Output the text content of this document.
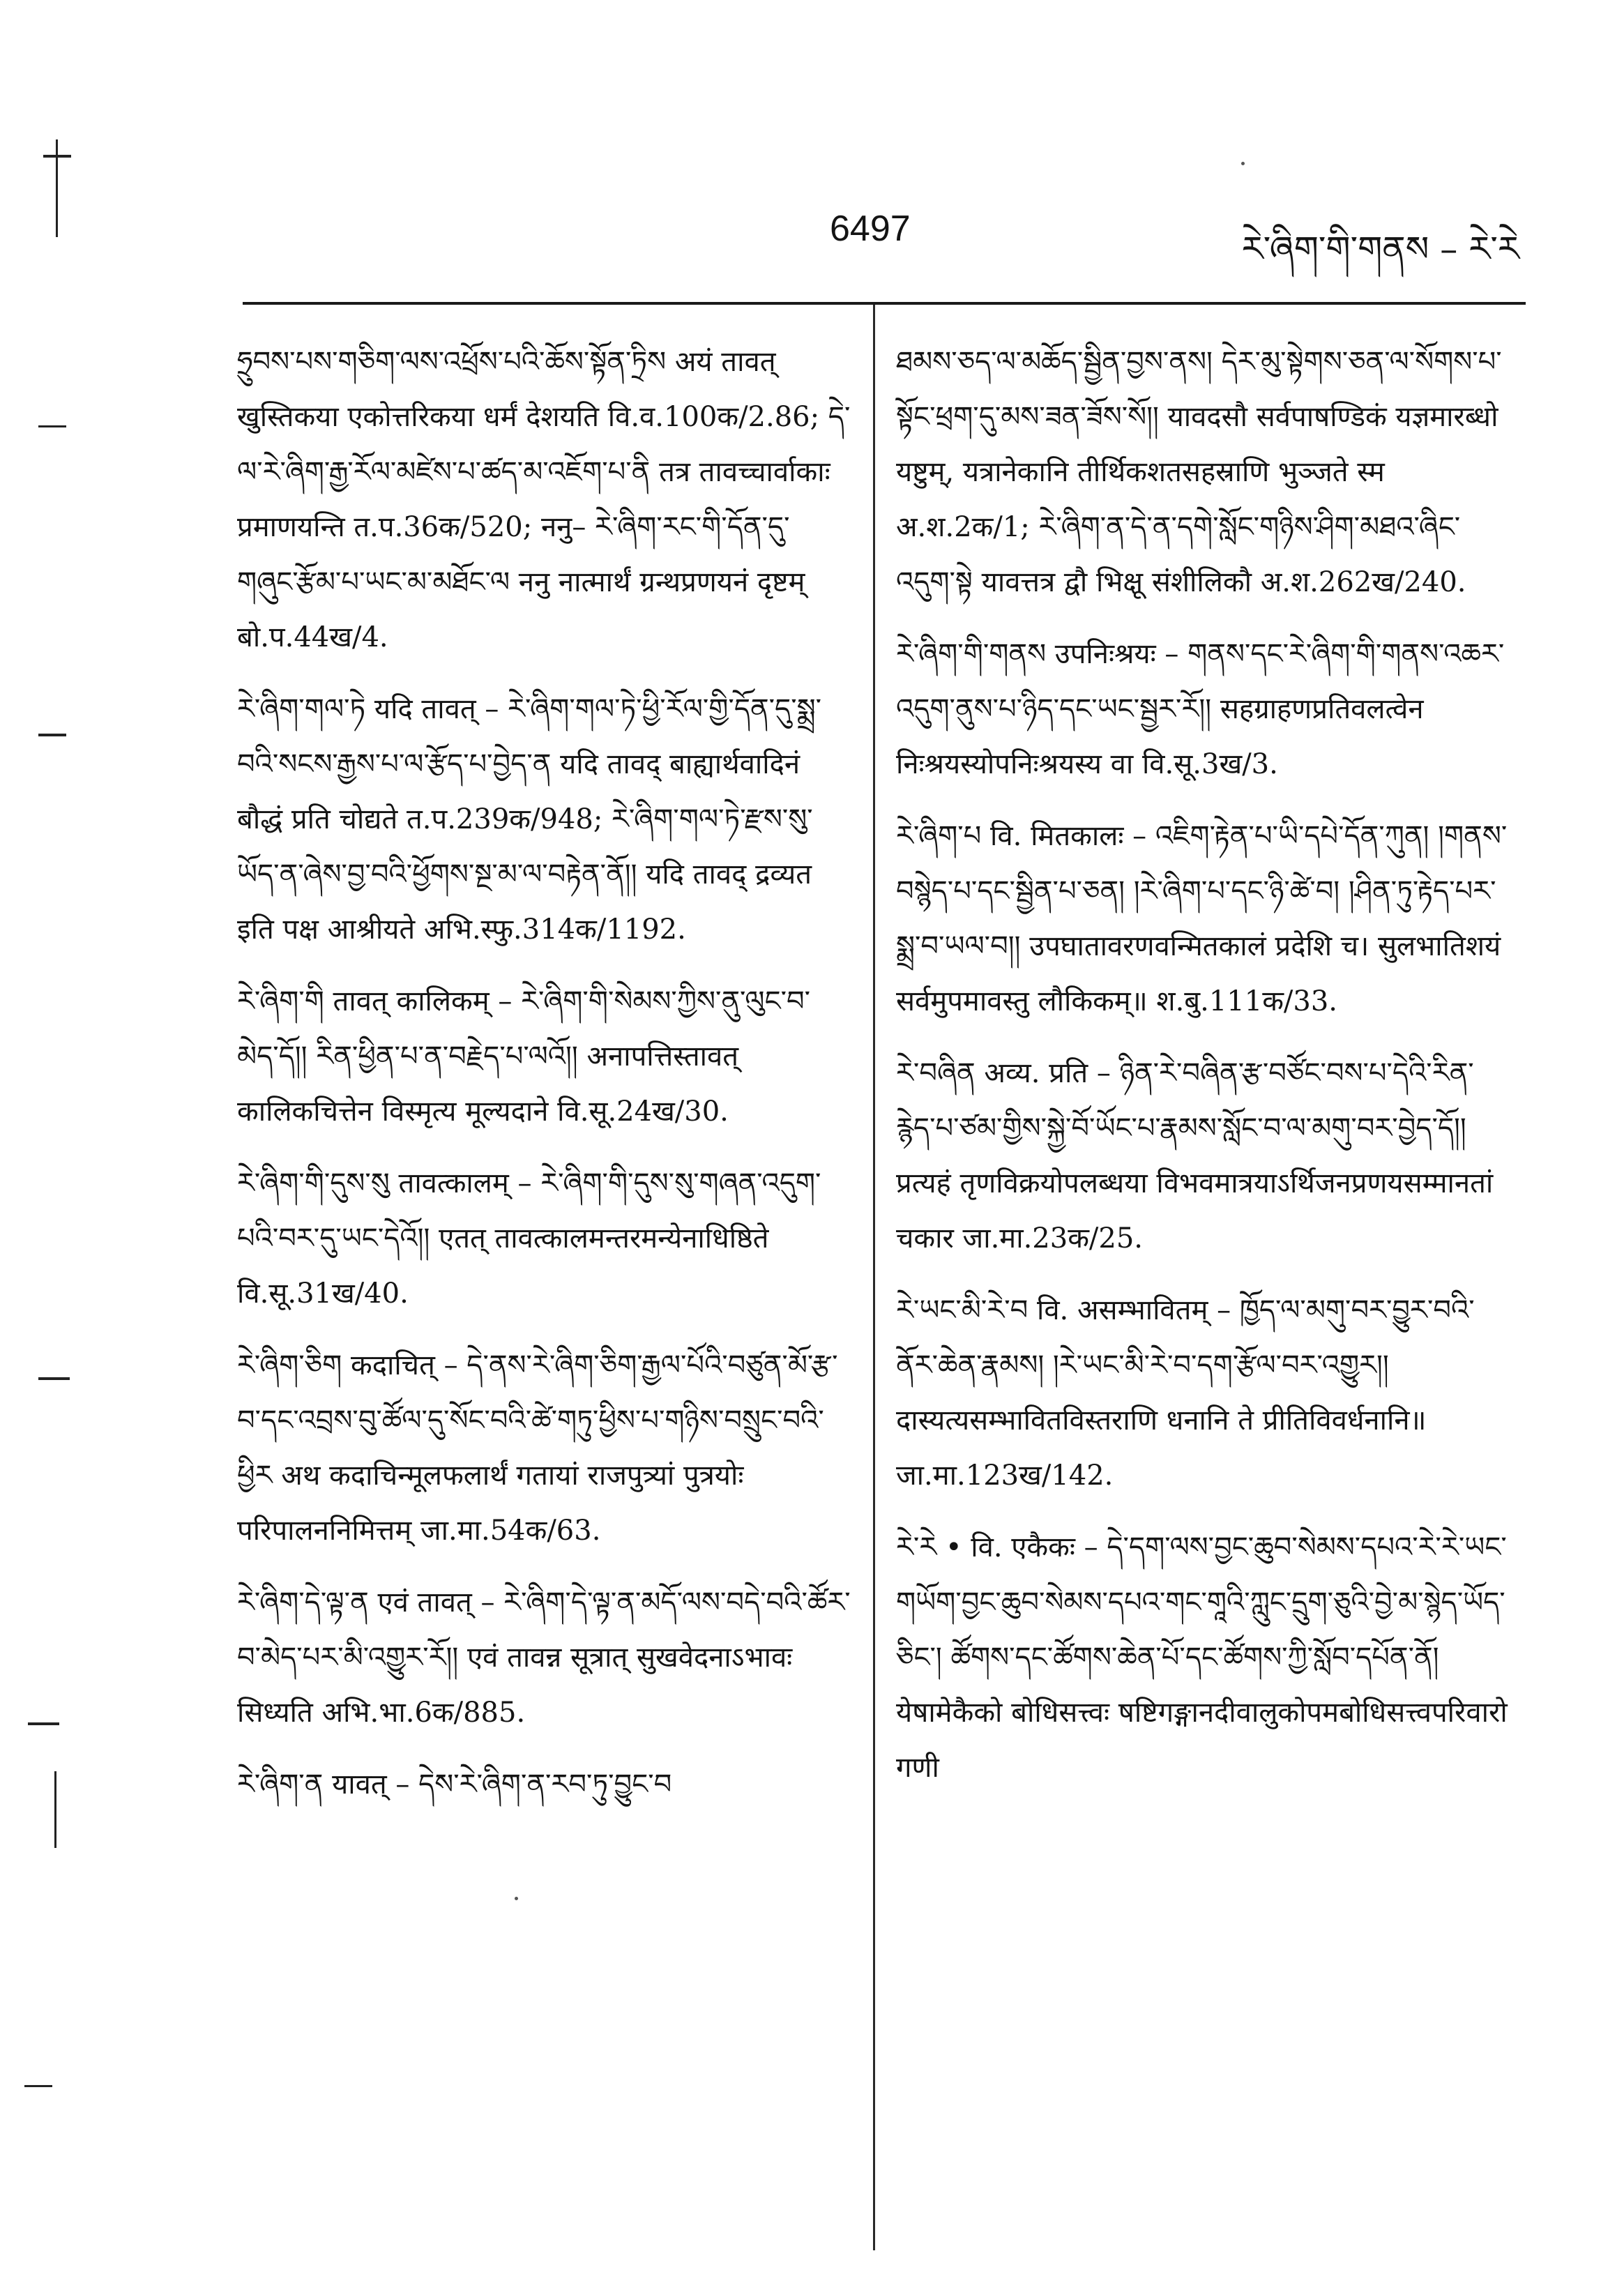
6497	རེ་ཞིག་གི་གནས – རེ་རེ

ཧྲུབས་པས་གཅིག་ལས་འཕྲོས་པའི་ཆོས་སྟོན་ཏྲིས अयं तावत् खुस्तिकया एकोत्तरिकया धर्मं देशयति वि.व.100क/2.86; དེ་ལ་རེ་ཞིག་རྒྱ་རོལ་མཛེས་པ་ཚད་མ་འཇོག་པ་ནི तत्र तावच्चार्वाकाः प्रमाणयन्ति त.प.36क/520; ननु– རེ་ཞིག་རང་གི་དོན་དུ་གཞུང་རྩོམ་པ་ཡང་མ་མཐོང་ལ ननु नात्मार्थं ग्रन्थप्रणयनं दृष्टम् बो.प.44ख/4.

རེ་ཞིག་གལ་ཏེ यदि तावत् – རེ་ཞིག་གལ་ཏེ་ཕྱི་རོལ་གྱི་དོན་དུ་སྨྲ་བའི་སངས་རྒྱས་པ་ལ་རྩོད་པ་བྱེད་ན यदि तावद् बाह्यार्थवादिनं बौद्धं प्रति चोद्यते त.प.239क/948; རེ་ཞིག་གལ་ཏེ་རྫས་སུ་ཡོད་ན་ཞེས་བྱ་བའི་ཕྱོགས་སྔ་མ་ལ་བརྟེན་ནོ།། यदि तावद् द्रव्यत इति पक्ष आश्रीयते अभि.स्फु.314क/1192.

རེ་ཞིག་གི तावत् कालिकम् – རེ་ཞིག་གི་སེམས་ཀྱིས་ནུ་ལུང་བ་མེད་དོ།། རིན་ཕྱིན་པ་ན་བརྗེད་པ་ལའོ།། अनापत्तिस्तावत् कालिकचित्तेन विस्मृत्य मूल्यदाने वि.सू.24ख/30.

རེ་ཞིག་གི་དུས་སུ तावत्कालम् – རེ་ཞིག་གི་དུས་སུ་གཞན་འདུག་པའི་བར་དུ་ཡང་དེའོ།། एतत् तावत्कालमन्तरमन्येनाधिष्ठिते वि.सू.31ख/40.

རེ་ཞིག་ཅིག कदाचित् – དེ་ནས་རེ་ཞིག་ཅིག་རྒྱལ་པོའི་བཙུན་མོ་རྩ་བ་དང་འབྲས་བུ་ཚོལ་དུ་སོང་བའི་ཚེ་གཏུ་ཕྱིས་པ་གཉིས་བསྲུང་བའི་ཕྱིར अथ कदाचिन्मूलफलार्थं गतायां राजपुत्र्यां पुत्रयोः परिपालननिमित्तम् जा.मा.54क/63.

རེ་ཞིག་དེ་ལྟ་ན एवं तावत् – རེ་ཞིག་དེ་ལྟ་ན་མདོ་ལས་བདེ་བའི་ཚོར་བ་མེད་པར་མི་འགྱུར་རོ།། एवं तावन्न सूत्रात् सुखवेदनाऽभावः सिध्यति अभि.भा.6क/885.

རེ་ཞིག་ན यावत् – དེས་རེ་ཞིག་ན་རབ་ཏུ་བྱུང་བ

ཐམས་ཅད་ལ་མཆོད་སྦྱིན་བྱས་ནས། དེར་མུ་སྟེགས་ཅན་ལ་སོགས་པ་སྟོང་ཕྲག་དུ་མས་ཟན་ཟོས་སོ།། यावदसौ सर्वपाषण्डिकं यज्ञमारब्धो यष्टुम्, यत्रानेकानि तीर्थिकशतसहस्राणि भुञ्जते स्म अ.श.2क/1; རེ་ཞིག་ན་དེ་ན་དགེ་སློང་གཉིས་ཤིག་མཐའ་ཞིང་འདུག་སྟེ यावत्तत्र द्वौ भिक्षू संशीलिकौ अ.श.262ख/240.

རེ་ཞིག་གི་གནས उपनिःश्रयः – གནས་དང་རེ་ཞིག་གི་གནས་འཆར་འདུག་ནུས་པ་ཉིད་དང་ཡང་སྦྱར་རོ།། सहग्राहणप्रतिवलत्वेन निःश्रयस्योपनिःश्रयस्य वा वि.सू.3ख/3.

རེ་ཞིག་པ वि. मितकालः – འཇིག་རྟེན་པ་ཡི་དཔེ་དོན་ཀུན། །གནས་བསྙེད་པ་དང་སྦྱིན་པ་ཅན། །རེ་ཞིག་པ་དང་ཉི་ཚེ་བ། །ཤིན་ཏུ་རྟེད་པར་སྨྲ་བ་ཡལ་བ།། उपघातावरणवन्मितकालं प्रदेशि च। सुलभातिशयं सर्वमुपमावस्तु लौकिकम्॥ श.बु.111क/33.

རེ་བཞིན अव्य. प्रति – ཉིན་རེ་བཞིན་རྩ་བཙོང་བས་པ་དེའི་རིན་རྙེད་པ་ཙམ་གྱིས་སྐྱེ་བོ་ཡོང་པ་རྣམས་སློང་བ་ལ་མགུ་བར་བྱེད་དོ།། प्रत्यहं तृणविक्रयोपलब्धया विभवमात्रयाऽर्थिजनप्रणयसम्मानतां चकार जा.मा.23क/25.

རེ་ཡང་མི་རེ་བ वि. असम्भावितम् – ཁྱོད་ལ་མགུ་བར་བྱུར་བའི་ནོར་ཆེན་རྣམས། །རེ་ཡང་མི་རེ་བ་དག་རྩོལ་བར་འགྱུར།། दास्यत्यसम्भावितविस्तराणि धनानि ते प्रीतिविवर्धनानि॥ जा.मा.123ख/142.

རེ་རེ • वि. एकैकः – དེ་དག་ལས་བྱང་ཆུབ་སེམས་དཔའ་རེ་རེ་ཡང་གཡོག་བྱང་ཆུབ་སེམས་དཔའ་གང་གཱའི་ཀླུང་དྲུག་ཅུའི་བྱེ་མ་སྙེད་ཡོད་ཅིང་། ཚོགས་དང་ཚོགས་ཆེན་པོ་དང་ཚོགས་ཀྱི་སློབ་དཔོན་ནོ། येषामेकैको बोधिसत्त्वः षष्टिगङ्गानदीवालुकोपमबोधिसत्त्वपरिवारो गणी
